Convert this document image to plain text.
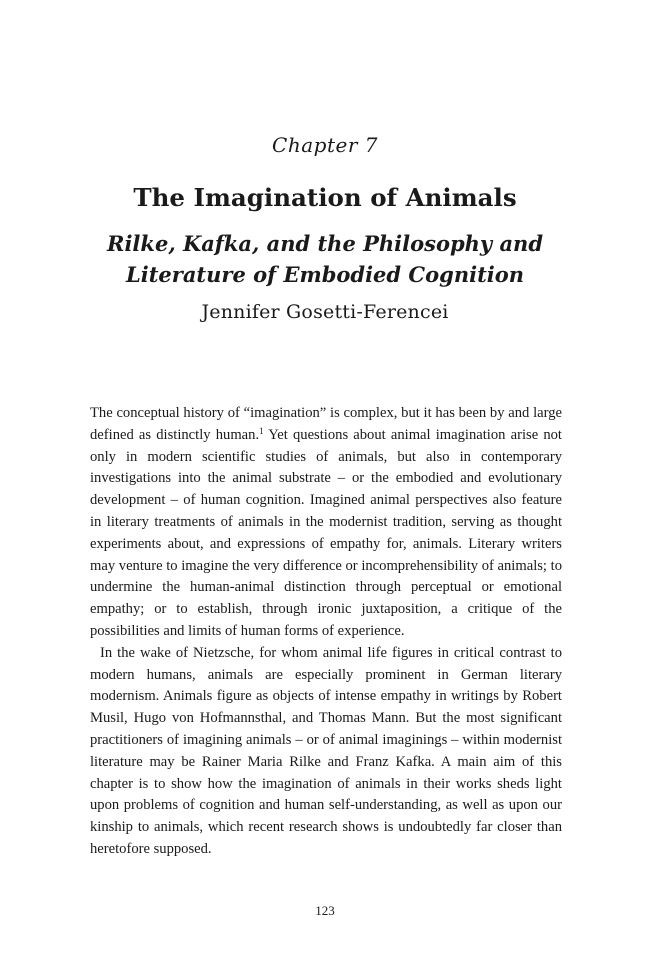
Chapter 7
The Imagination of Animals
Rilke, Kafka, and the Philosophy and
Literature of Embodied Cognition
Jennifer Gosetti-Ferencei

The conceptual history of “imagination” is complex, but it has been by and large defined as distinctly human.$^1$ Yet questions about animal imagination arise not only in modern scientific studies of animals, but also in contemporary investigations into the animal substrate – or the embodied and evolutionary development – of human cognition. Imagined animal perspectives also feature in literary treatments of animals in the modernist tradition, serving as thought experiments about, and expressions of empathy for, animals. Literary writers may venture to imagine the very difference or incomprehensibility of animals; to undermine the human-animal distinction through perceptual or emotional empathy; or to establish, through ironic juxtaposition, a critique of the possibilities and limits of human forms of experience.

In the wake of Nietzsche, for whom animal life figures in critical contrast to modern humans, animals are especially prominent in German literary modernism. Animals figure as objects of intense empathy in writings by Robert Musil, Hugo von Hofmannsthal, and Thomas Mann. But the most significant practitioners of imagining animals – or of animal imaginings – within modernist literature may be Rainer Maria Rilke and Franz Kafka. A main aim of this chapter is to show how the imagination of animals in their works sheds light upon problems of cognition and human self-understanding, as well as upon our kinship to animals, which recent research shows is undoubtedly far closer than heretofore supposed.

123
